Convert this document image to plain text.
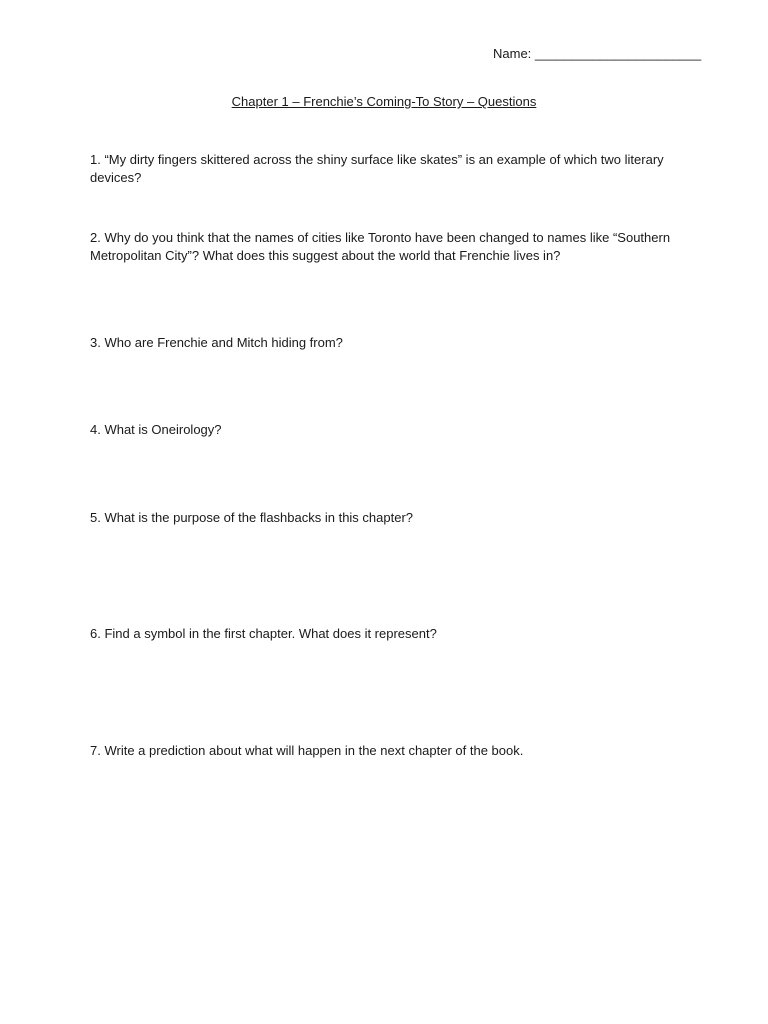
Name: _______________________
Chapter 1 – Frenchie’s Coming-To Story – Questions
1. “My dirty fingers skittered across the shiny surface like skates” is an example of which two literary devices?
2. Why do you think that the names of cities like Toronto have been changed to names like “Southern Metropolitan City”? What does this suggest about the world that Frenchie lives in?
3. Who are Frenchie and Mitch hiding from?
4. What is Oneirology?
5. What is the purpose of the flashbacks in this chapter?
6. Find a symbol in the first chapter. What does it represent?
7. Write a prediction about what will happen in the next chapter of the book.
